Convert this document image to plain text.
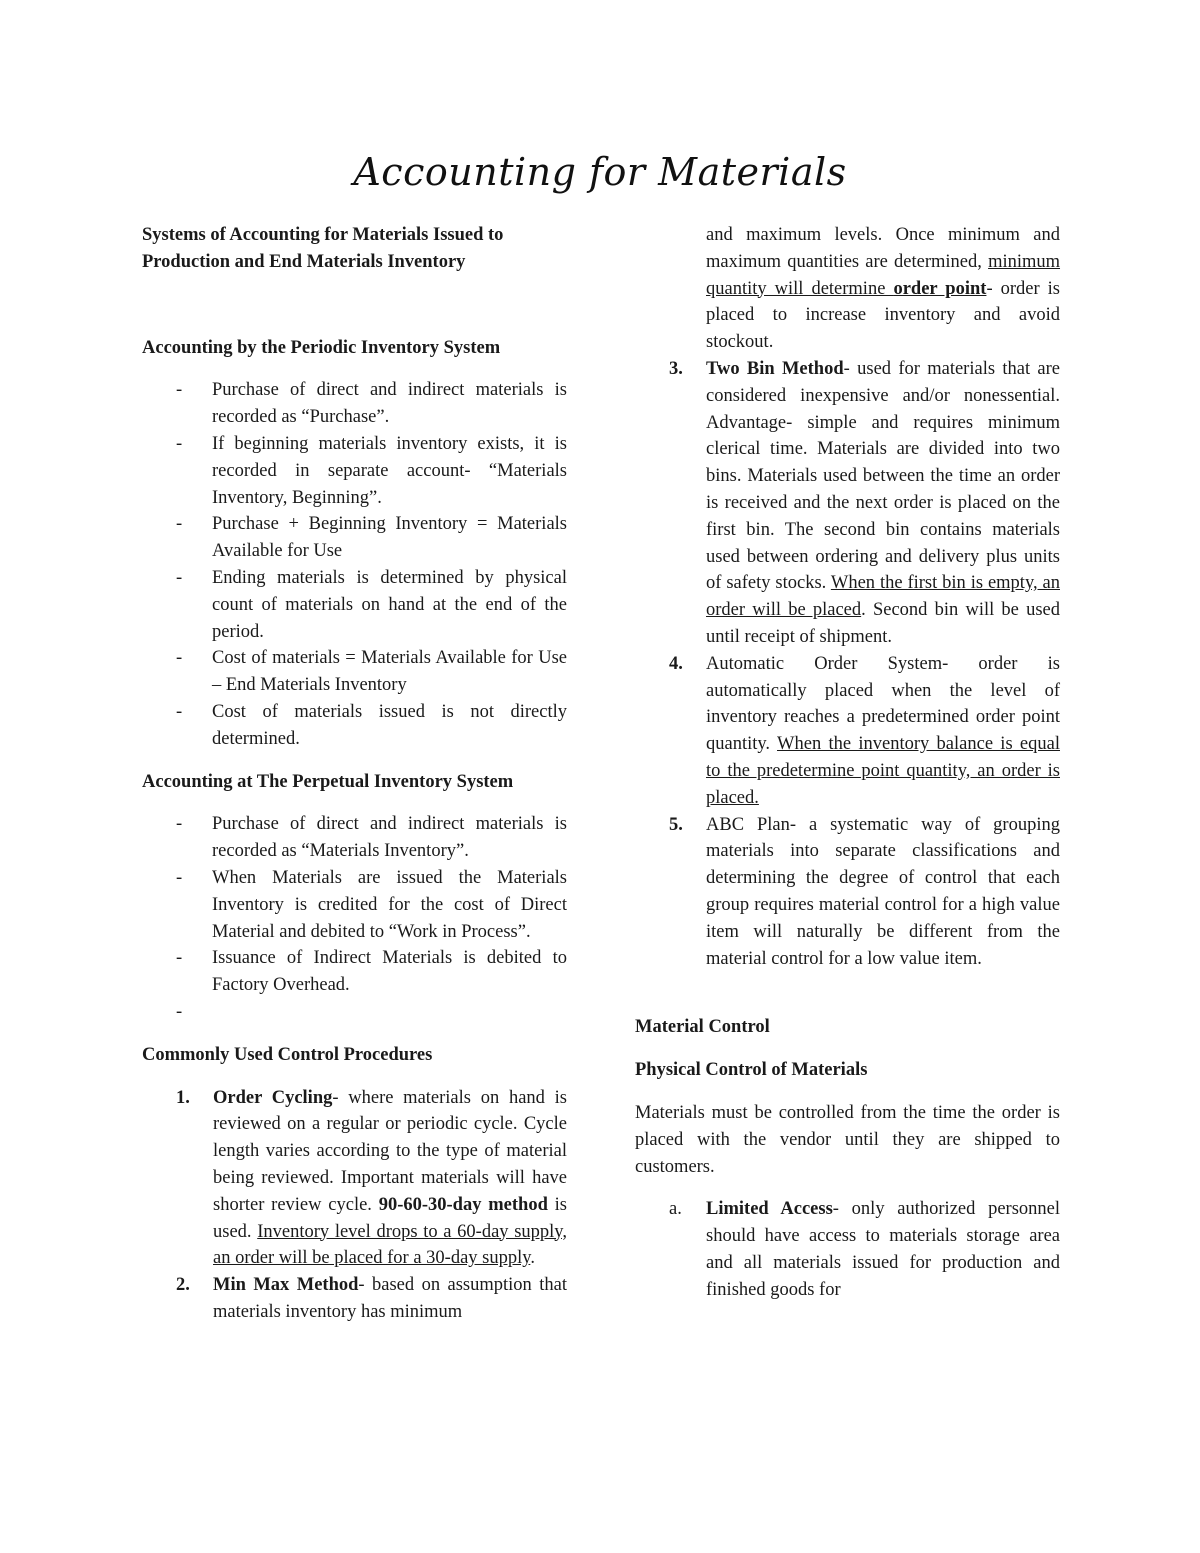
Accounting for Materials

Systems of Accounting for Materials Issued to Production and End Materials Inventory

Accounting by the Periodic Inventory System

- Purchase of direct and indirect materials is recorded as “Purchase”.
- If beginning materials inventory exists, it is recorded in separate account- “Materials Inventory, Beginning”.
- Purchase + Beginning Inventory = Materials Available for Use
- Ending materials is determined by physical count of materials on hand at the end of the period.
- Cost of materials = Materials Available for Use – End Materials Inventory
- Cost of materials issued is not directly determined.

Accounting at The Perpetual Inventory System

- Purchase of direct and indirect materials is recorded as “Materials Inventory”.
- When Materials are issued the Materials Inventory is credited for the cost of Direct Material and debited to “Work in Process”.
- Issuance of Indirect Materials is debited to Factory Overhead.
-

Commonly Used Control Procedures

1. Order Cycling- where materials on hand is reviewed on a regular or periodic cycle. Cycle length varies according to the type of material being reviewed. Important materials will have shorter review cycle. 90-60-30-day method is used. Inventory level drops to a 60-day supply, an order will be placed for a 30-day supply.
2. Min Max Method- based on assumption that materials inventory has minimum

and maximum levels. Once minimum and maximum quantities are determined, minimum quantity will determine order point- order is placed to increase inventory and avoid stockout.

3. Two Bin Method- used for materials that are considered inexpensive and/or nonessential. Advantage- simple and requires minimum clerical time. Materials are divided into two bins. Materials used between the time an order is received and the next order is placed on the first bin. The second bin contains materials used between ordering and delivery plus units of safety stocks. When the first bin is empty, an order will be placed. Second bin will be used until receipt of shipment.
4. Automatic Order System- order is automatically placed when the level of inventory reaches a predetermined order point quantity. When the inventory balance is equal to the predetermine point quantity, an order is placed.
5. ABC Plan- a systematic way of grouping materials into separate classifications and determining the degree of control that each group requires material control for a high value item will naturally be different from the material control for a low value item.

Material Control

Physical Control of Materials

Materials must be controlled from the time the order is placed with the vendor until they are shipped to customers.

a. Limited Access- only authorized personnel should have access to materials storage area and all materials issued for production and finished goods for
